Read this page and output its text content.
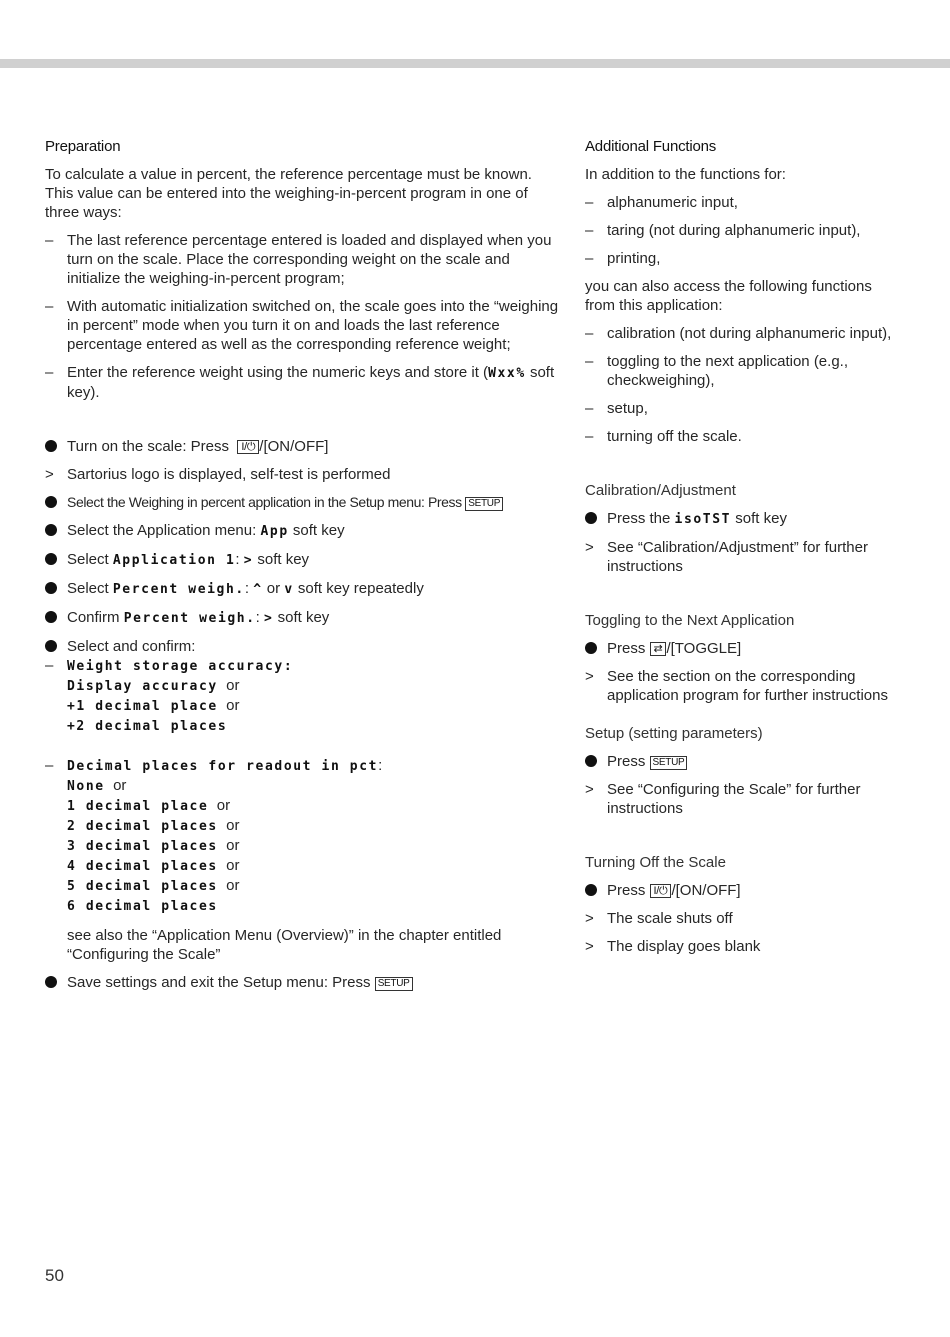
Preparation

To calculate a value in percent, the reference percentage must be known. This value can be entered into the weighing-in-percent program in one of three ways:

– The last reference percentage entered is loaded and displayed when you turn on the scale. Place the corresponding weight on the scale and initialize the weighing-in-percent program;
– With automatic initialization switched on, the scale goes into the “weighing in percent” mode when you turn it on and loads the last reference percentage entered as well as the corresponding reference weight;
– Enter the reference weight using the numeric keys and store it (Wxx% soft key).
Turn on the scale: Press  I/⏻ /[ON/OFF]
> Sartorius logo is displayed, self-test is performed
Select the Weighing in percent application in the Setup menu: Press SETUP
Select the Application menu: App soft key
Select Application 1: > soft key
Select Percent weigh.: ^ or v soft key repeatedly
Confirm Percent weigh.: > soft key
Select and confirm:
– Weight storage accuracy:
Display accuracy or
+1 decimal place or
+2 decimal places
– Decimal places for readout in pct:
None or
1 decimal place or
2 decimal places or
3 decimal places or
4 decimal places or
5 decimal places or
6 decimal places

see also the “Application Menu (Overview)” in the chapter entitled “Configuring the Scale”

Save settings and exit the Setup menu: Press SETUP
Additional Functions

In addition to the functions for:

– alphanumeric input,
– taring (not during alphanumeric input),
– printing,

you can also access the following functions from this application:

– calibration (not during alphanumeric input),
– toggling to the next application (e.g., checkweighing),
– setup,
– turning off the scale.
Calibration/Adjustment
Press the isoTST soft key
> See “Calibration/Adjustment” for further instructions
Toggling to the Next Application
Press ⇄ /[TOGGLE]
> See the section on the corresponding application program for further instructions
Setup (setting parameters)
Press SETUP
> See “Configuring the Scale” for further instructions
Turning Off the Scale
Press I/⏻ /[ON/OFF]
> The scale shuts off
> The display goes blank
50
